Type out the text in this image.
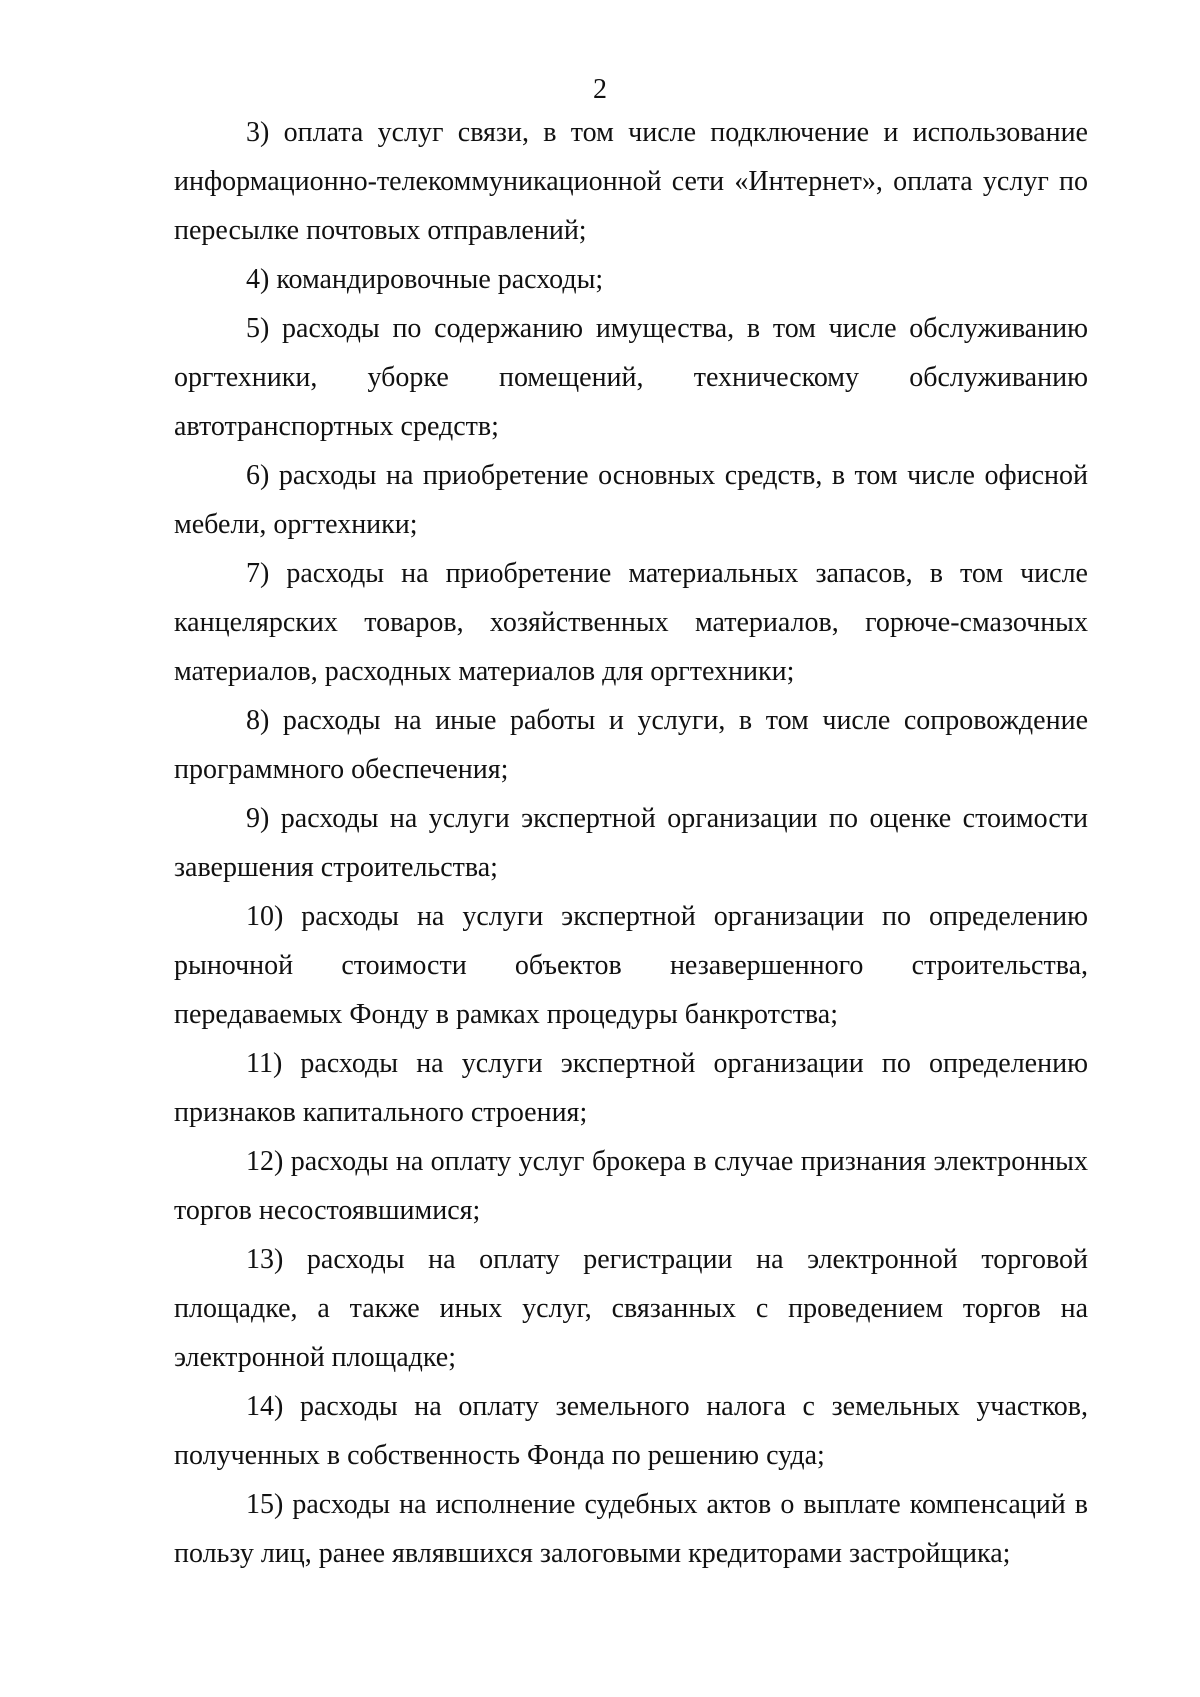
2

3) оплата услуг связи, в том числе подключение и использование информационно-телекоммуникационной сети «Интернет», оплата услуг по пересылке почтовых отправлений;

4) командировочные расходы;

5) расходы по содержанию имущества, в том числе обслуживанию оргтехники, уборке помещений, техническому обслуживанию автотранспортных средств;

6) расходы на приобретение основных средств, в том числе офисной мебели, оргтехники;

7) расходы на приобретение материальных запасов, в том числе канцелярских товаров, хозяйственных материалов, горюче-смазочных материалов, расходных материалов для оргтехники;

8) расходы на иные работы и услуги, в том числе сопровождение программного обеспечения;

9) расходы на услуги экспертной организации по оценке стоимости завершения строительства;

10) расходы на услуги экспертной организации по определению рыночной стоимости объектов незавершенного строительства, передаваемых Фонду в рамках процедуры банкротства;

11) расходы на услуги экспертной организации по определению признаков капитального строения;

12) расходы на оплату услуг брокера в случае признания электронных торгов несостоявшимися;

13) расходы на оплату регистрации на электронной торговой площадке, а также иных услуг, связанных с проведением торгов на электронной площадке;

14) расходы на оплату земельного налога с земельных участков, полученных в собственность Фонда по решению суда;

15) расходы на исполнение судебных актов о выплате компенсаций в пользу лиц, ранее являвшихся залоговыми кредиторами застройщика;
